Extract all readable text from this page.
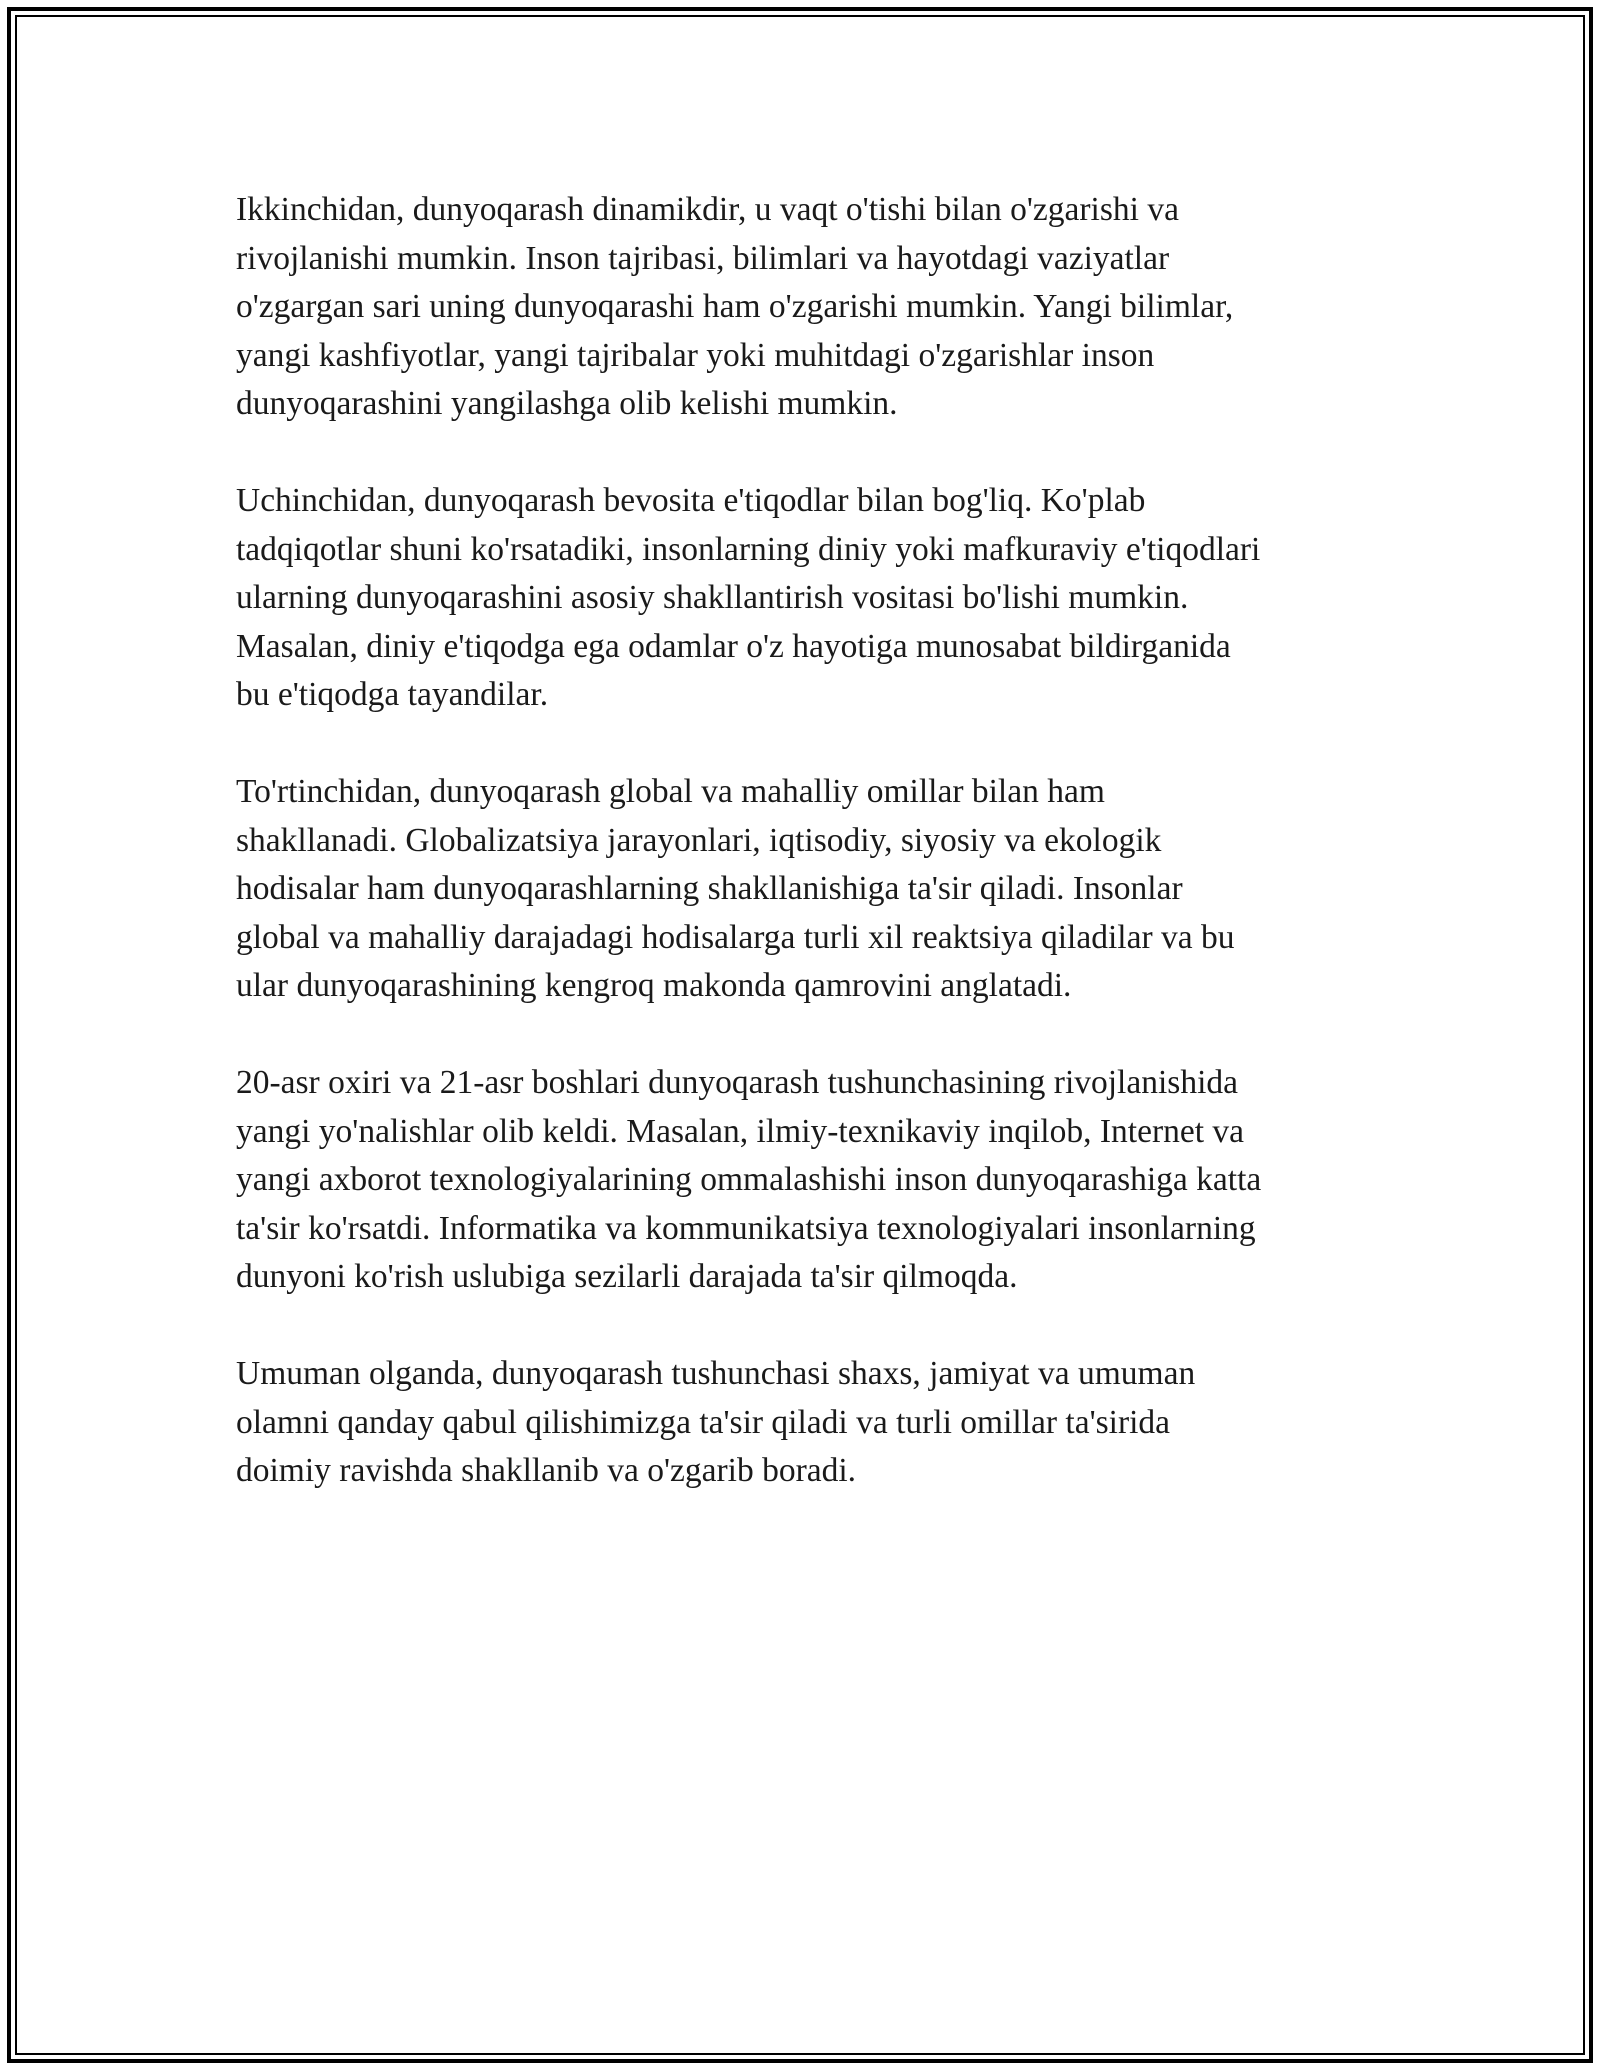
Ikkinchidan, dunyoqarash dinamikdir, u vaqt o'tishi bilan o'zgarishi va
rivojlanishi mumkin. Inson tajribasi, bilimlari va hayotdagi vaziyatlar
o'zgargan sari uning dunyoqarashi ham o'zgarishi mumkin. Yangi bilimlar,
yangi kashfiyotlar, yangi tajribalar yoki muhitdagi o'zgarishlar inson
dunyoqarashini yangilashga olib kelishi mumkin.

Uchinchidan, dunyoqarash bevosita e'tiqodlar bilan bog'liq. Ko'plab
tadqiqotlar shuni ko'rsatadiki, insonlarning diniy yoki mafkuraviy e'tiqodlari
ularning dunyoqarashini asosiy shakllantirish vositasi bo'lishi mumkin.
Masalan, diniy e'tiqodga ega odamlar o'z hayotiga munosabat bildirganida
bu e'tiqodga tayandilar.

To'rtinchidan, dunyoqarash global va mahalliy omillar bilan ham
shakllanadi. Globalizatsiya jarayonlari, iqtisodiy, siyosiy va ekologik
hodisalar ham dunyoqarashlarning shakllanishiga ta'sir qiladi. Insonlar
global va mahalliy darajadagi hodisalarga turli xil reaktsiya qiladilar va bu
ular dunyoqarashining kengroq makonda qamrovini anglatadi.

20-asr oxiri va 21-asr boshlari dunyoqarash tushunchasining rivojlanishida
yangi yo'nalishlar olib keldi. Masalan, ilmiy-texnikaviy inqilob, Internet va
yangi axborot texnologiyalarining ommalashishi inson dunyoqarashiga katta
ta'sir ko'rsatdi. Informatika va kommunikatsiya texnologiyalari insonlarning
dunyoni ko'rish uslubiga sezilarli darajada ta'sir qilmoqda.

Umuman olganda, dunyoqarash tushunchasi shaxs, jamiyat va umuman
olamni qanday qabul qilishimizga ta'sir qiladi va turli omillar ta'sirida
doimiy ravishda shakllanib va o'zgarib boradi.
